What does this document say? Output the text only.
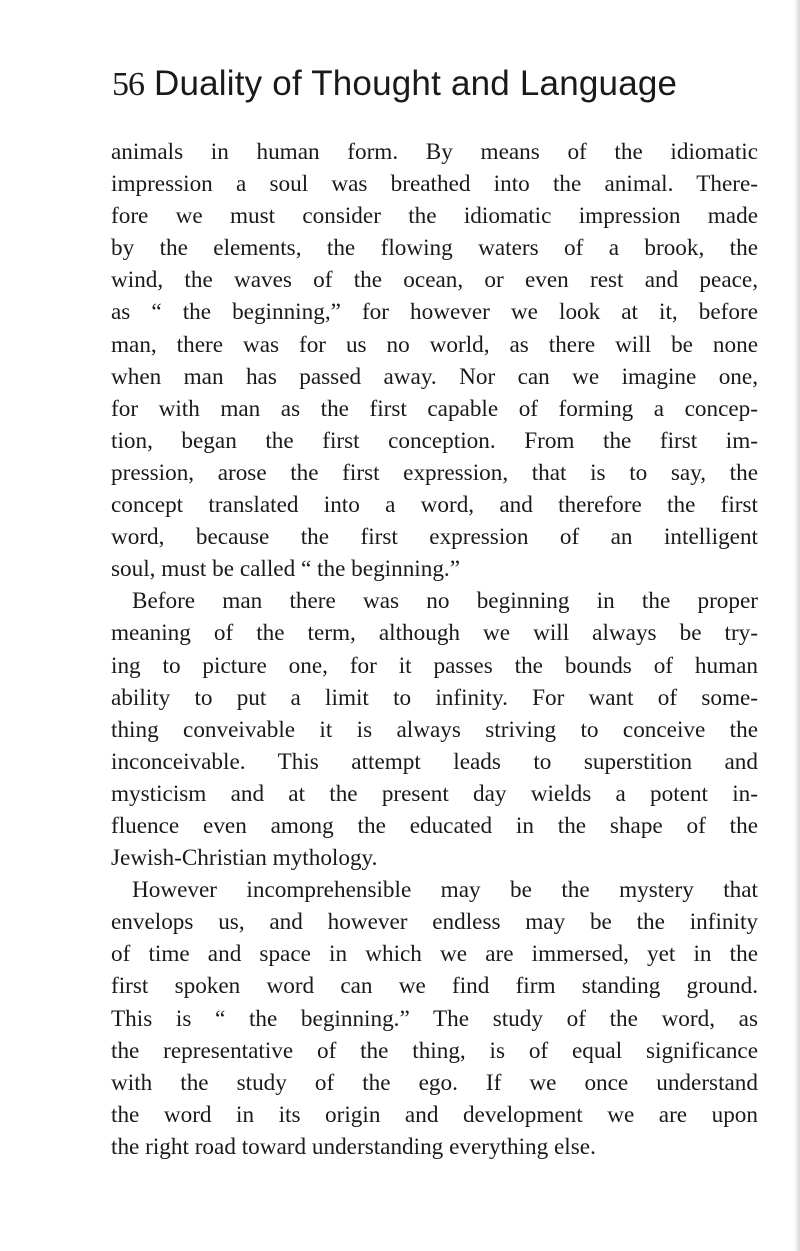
56 Duality of Thought and Language
animals in human form. By means of the idiomatic
impression a soul was breathed into the animal. There-
fore we must consider the idiomatic impression made
by the elements, the flowing waters of a brook, the
wind, the waves of the ocean, or even rest and peace,
as “ the beginning,” for however we look at it, before
man, there was for us no world, as there will be none
when man has passed away. Nor can we imagine one,
for with man as the first capable of forming a concep-
tion, began the first conception. From the first im-
pression, arose the first expression, that is to say, the
concept translated into a word, and therefore the first
word, because the first expression of an intelligent
soul, must be called “ the beginning.”
Before man there was no beginning in the proper
meaning of the term, although we will always be try-
ing to picture one, for it passes the bounds of human
ability to put a limit to infinity. For want of some-
thing conveivable it is always striving to conceive the
inconceivable. This attempt leads to superstition and
mysticism and at the present day wields a potent in-
fluence even among the educated in the shape of the
Jewish-Christian mythology.
However incomprehensible may be the mystery that
envelops us, and however endless may be the infinity
of time and space in which we are immersed, yet in the
first spoken word can we find firm standing ground.
This is “ the beginning.” The study of the word, as
the representative of the thing, is of equal significance
with the study of the ego. If we once understand
the word in its origin and development we are upon
the right road toward understanding everything else.
